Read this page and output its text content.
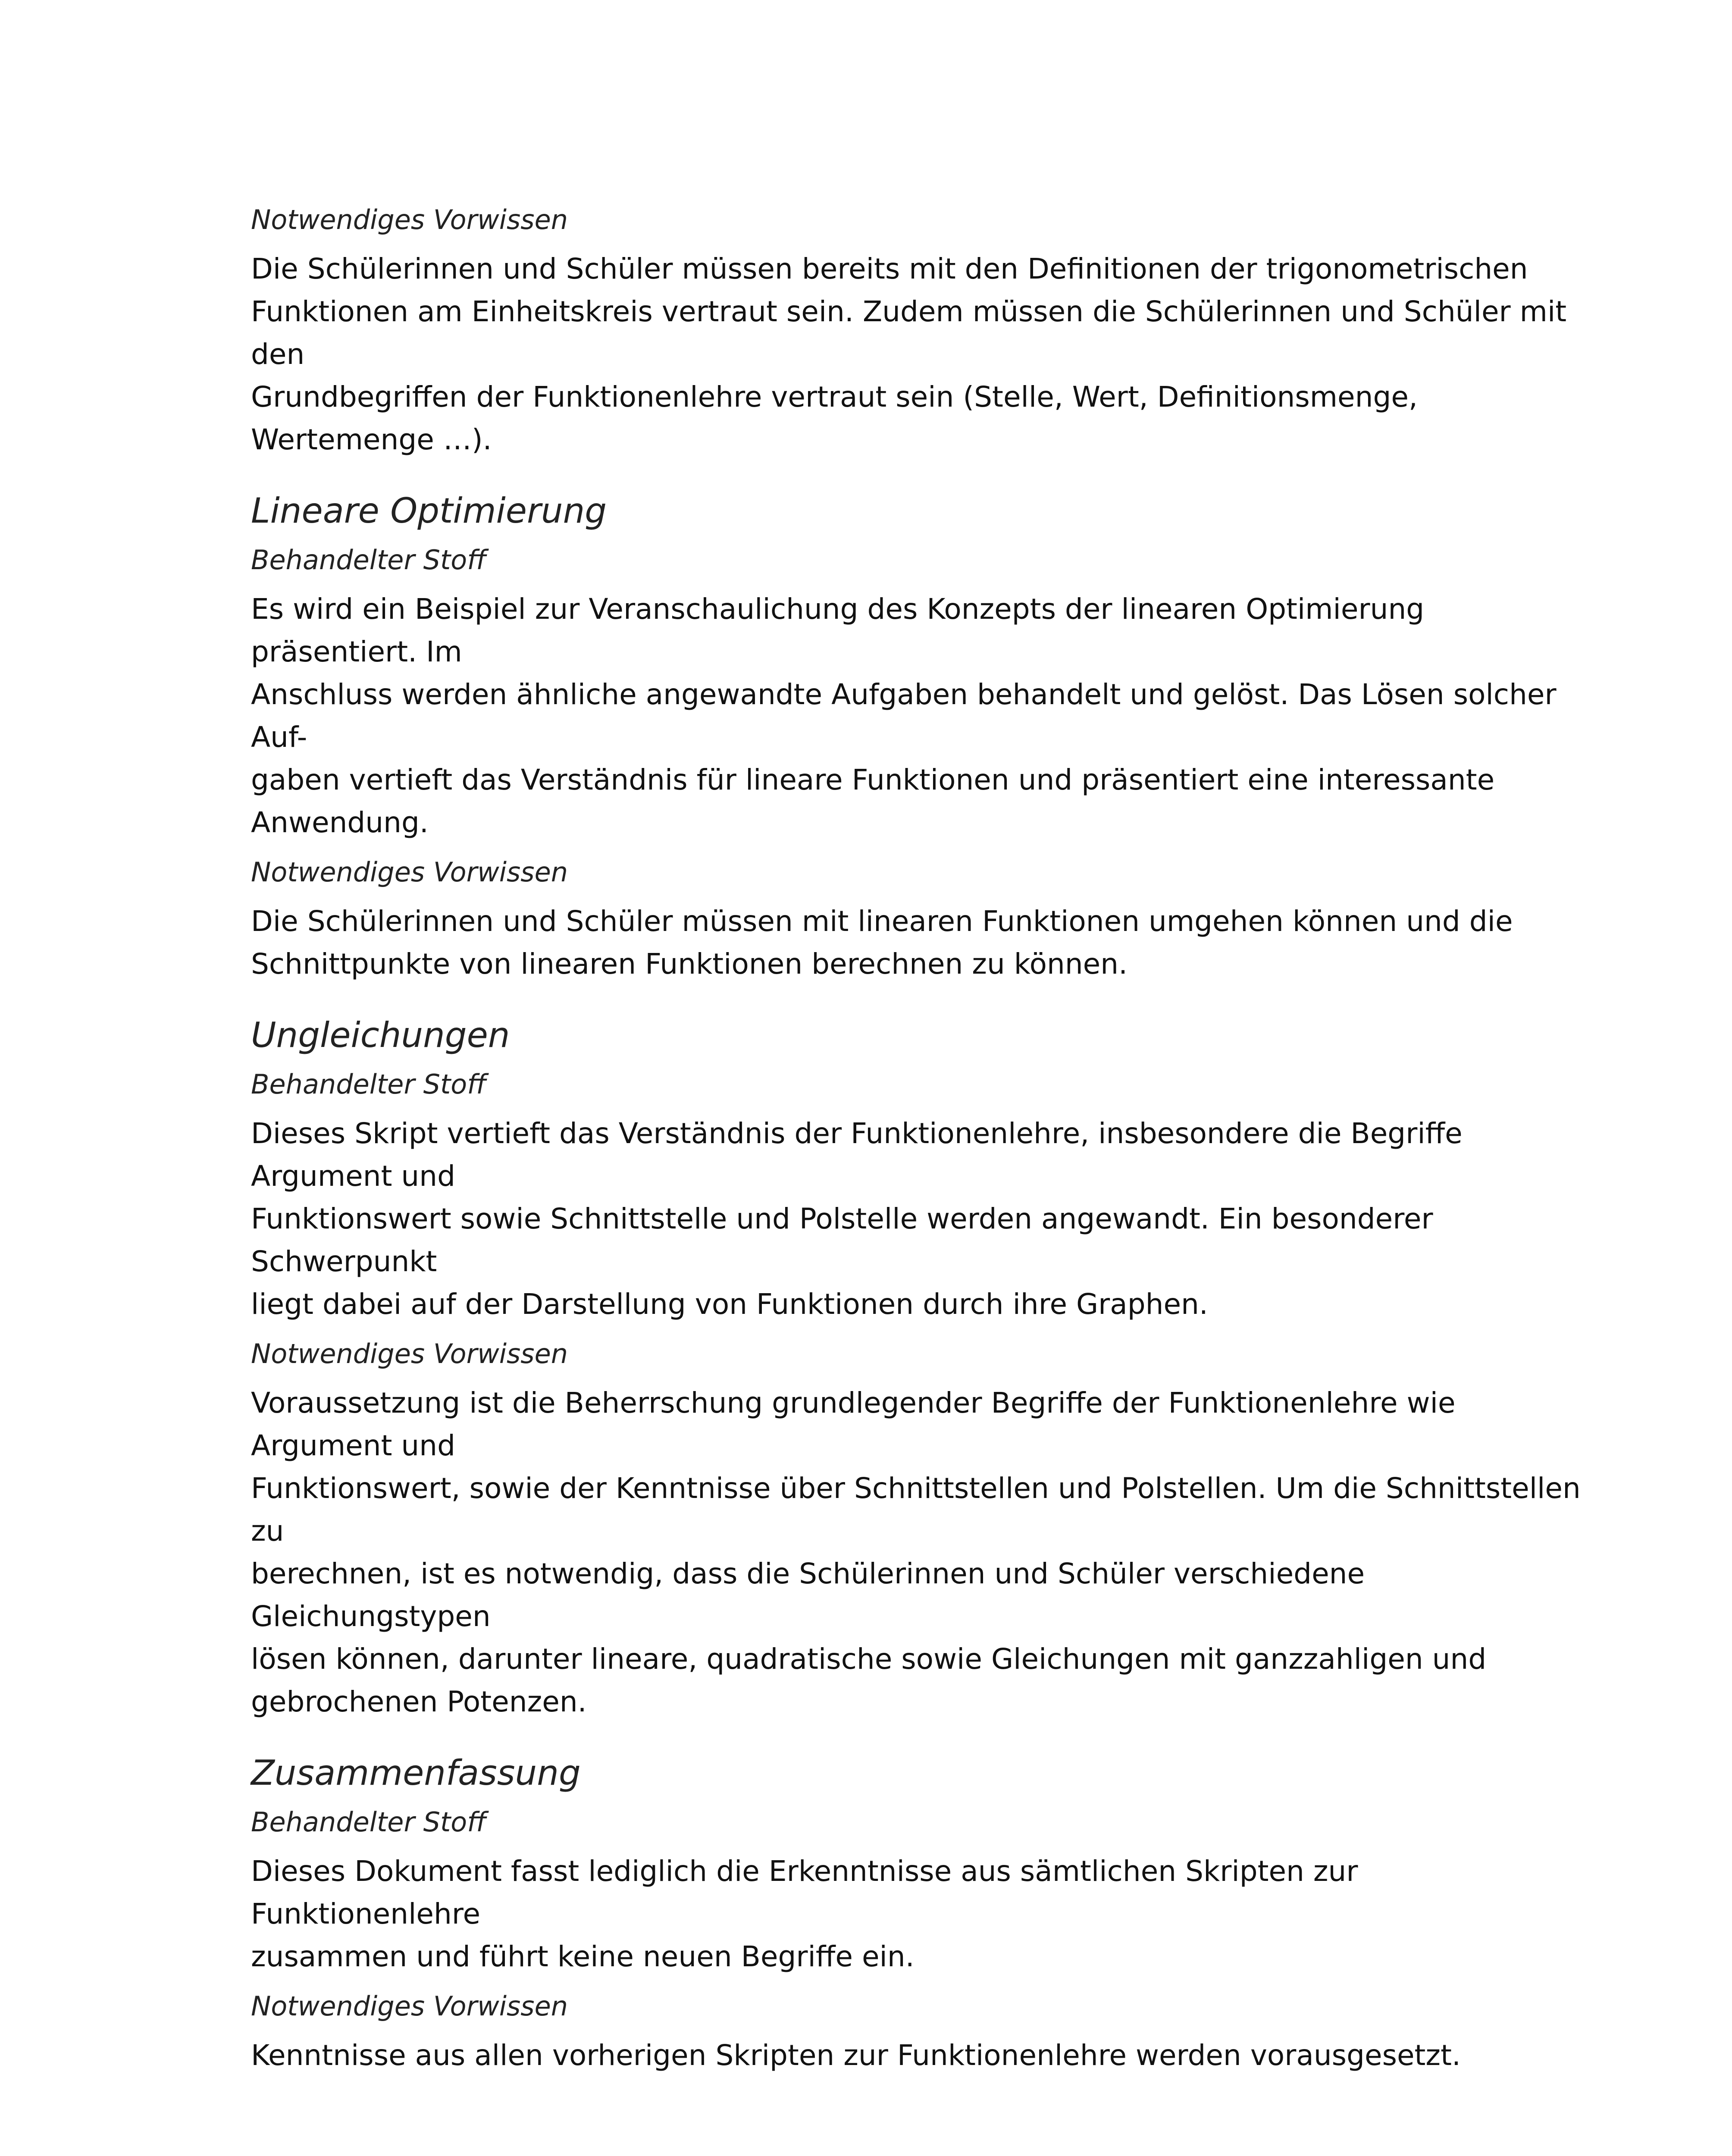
Notwendiges Vorwissen
Die Schülerinnen und Schüler müssen bereits mit den Definitionen der trigonometrischen
Funktionen am Einheitskreis vertraut sein. Zudem müssen die Schülerinnen und Schüler mit den
Grundbegriffen der Funktionenlehre vertraut sein (Stelle, Wert, Definitionsmenge, Wertemenge …).
Lineare Optimierung
Behandelter Stoff
Es wird ein Beispiel zur Veranschaulichung des Konzepts der linearen Optimierung präsentiert. Im
Anschluss werden ähnliche angewandte Aufgaben behandelt und gelöst. Das Lösen solcher Auf-
gaben vertieft das Verständnis für lineare Funktionen und präsentiert eine interessante Anwendung.
Notwendiges Vorwissen
Die Schülerinnen und Schüler müssen mit linearen Funktionen umgehen können und die
Schnittpunkte von linearen Funktionen berechnen zu können.
Ungleichungen
Behandelter Stoff
Dieses Skript vertieft das Verständnis der Funktionenlehre, insbesondere die Begriffe Argument und
Funktionswert sowie Schnittstelle und Polstelle werden angewandt. Ein besonderer Schwerpunkt
liegt dabei auf der Darstellung von Funktionen durch ihre Graphen.
Notwendiges Vorwissen
Voraussetzung ist die Beherrschung grundlegender Begriffe der Funktionenlehre wie Argument und
Funktionswert, sowie der Kenntnisse über Schnittstellen und Polstellen. Um die Schnittstellen zu
berechnen, ist es notwendig, dass die Schülerinnen und Schüler verschiedene Gleichungstypen
lösen können, darunter lineare, quadratische sowie Gleichungen mit ganzzahligen und
gebrochenen Potenzen.
Zusammenfassung
Behandelter Stoff
Dieses Dokument fasst lediglich die Erkenntnisse aus sämtlichen Skripten zur Funktionenlehre
zusammen und führt keine neuen Begriffe ein.
Notwendiges Vorwissen
Kenntnisse aus allen vorherigen Skripten zur Funktionenlehre werden vorausgesetzt.
